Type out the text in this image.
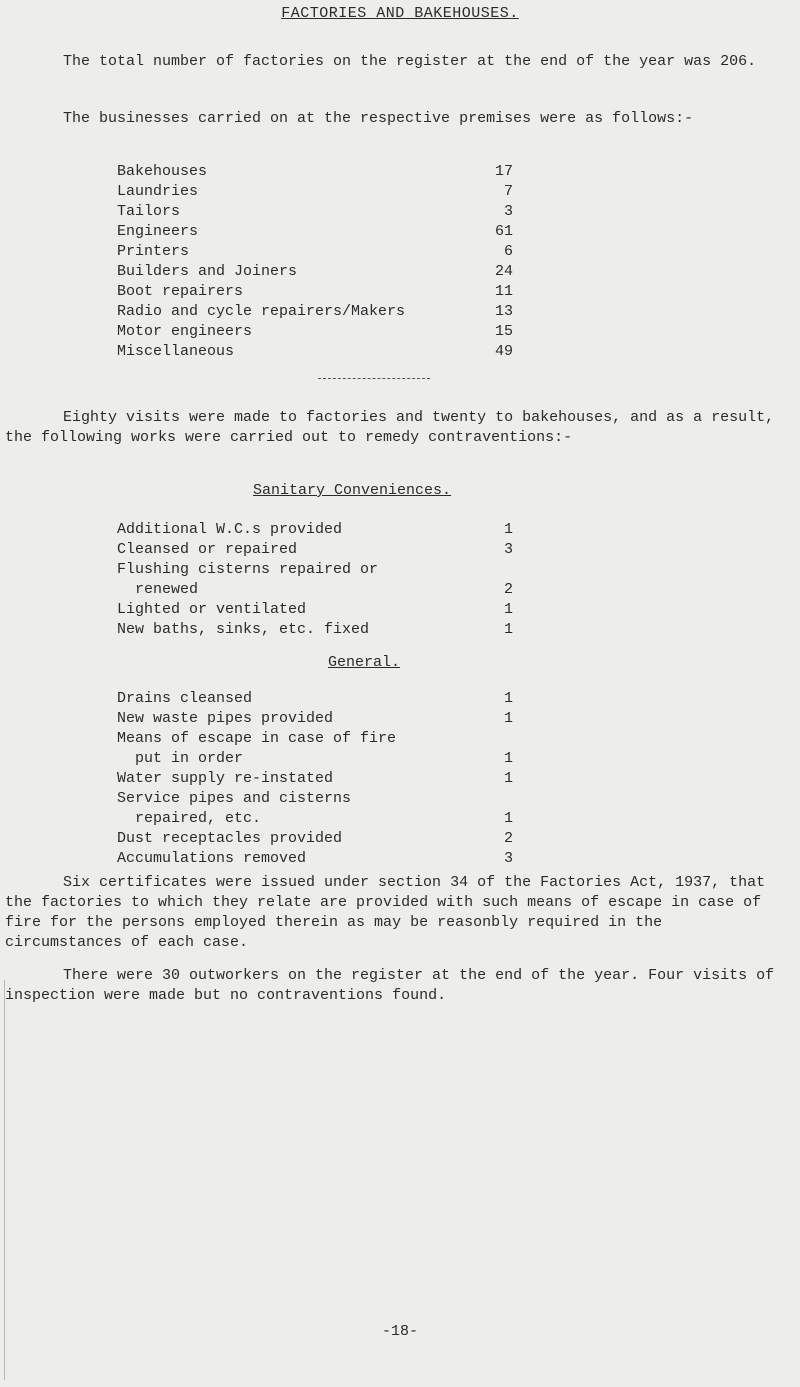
FACTORIES AND BAKEHOUSES.

The total number of factories on the register at the end of the year was 206.

The businesses carried on at the respective premises were as follows:-

Bakehouses	17
Laundries	7
Tailors	3
Engineers	61
Printers	6
Builders and Joiners	24
Boot repairers	11
Radio and cycle repairers/Makers	13
Motor engineers	15
Miscellaneous	49

Eighty visits were made to factories and twenty to bakehouses, and as a result, the following works were carried out to remedy contraventions:-

Sanitary Conveniences.
Additional W.C.s provided	1
Cleansed or repaired	3
Flushing cisterns repaired or
renewed	2
Lighted or ventilated	1
New baths, sinks, etc. fixed	1
General.
Drains cleansed	1
New waste pipes provided	1
Means of escape in case of fire
put in order	1
Water supply re-instated	1
Service pipes and cisterns
repaired, etc.	1
Dust receptacles provided	2
Accumulations removed	3

Six certificates were issued under section 34 of the Factories Act, 1937, that the factories to which they relate are provided with such means of escape in case of fire for the persons employed therein as may be reasonbly required in the circumstances of each case.

There were 30 outworkers on the register at the end of the year. Four visits of inspection were made but no contraventions found.

-18-
